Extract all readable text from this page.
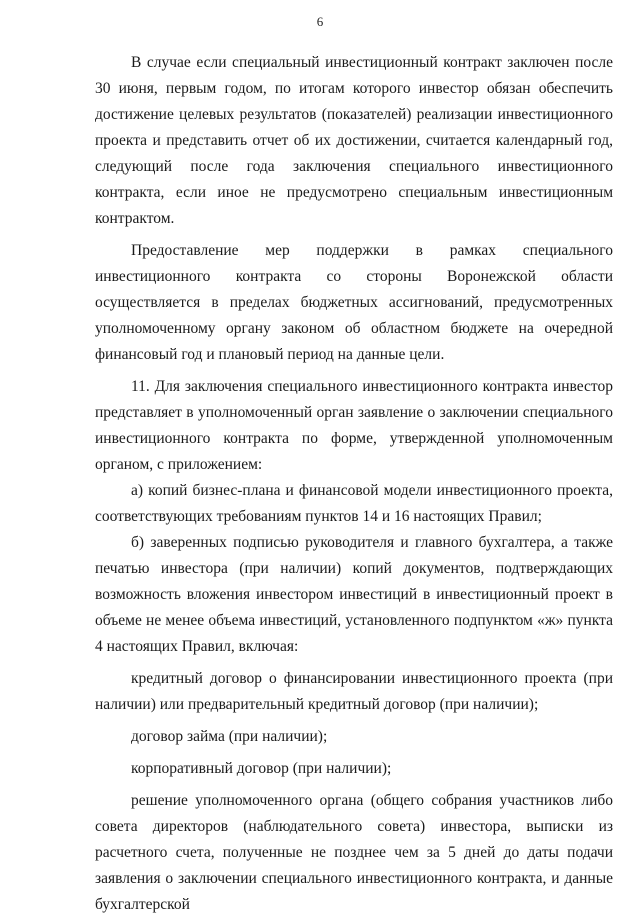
6

В случае если специальный инвестиционный контракт заключен после 30 июня, первым годом, по итогам которого инвестор обязан обеспечить достижение целевых результатов (показателей) реализации инвестиционного проекта и представить отчет об их достижении, считается календарный год, следующий после года заключения специального инвестиционного контракта, если иное не предусмотрено специальным инвестиционным контрактом.

Предоставление мер поддержки в рамках специального инвестиционного контракта со стороны Воронежской области осуществляется в пределах бюджетных ассигнований, предусмотренных уполномоченному органу законом об областном бюджете на очередной финансовый год и плановый период на данные цели.

11. Для заключения специального инвестиционного контракта инвестор представляет в уполномоченный орган заявление о заключении специального инвестиционного контракта по форме, утвержденной уполномоченным органом, с приложением:

а) копий бизнес-плана и финансовой модели инвестиционного проекта, соответствующих требованиям пунктов 14 и 16 настоящих Правил;

б) заверенных подписью руководителя и главного бухгалтера, а также печатью инвестора (при наличии) копий документов, подтверждающих возможность вложения инвестором инвестиций в инвестиционный проект в объеме не менее объема инвестиций, установленного подпунктом «ж» пункта 4 настоящих Правил, включая:

кредитный договор о финансировании инвестиционного проекта (при наличии) или предварительный кредитный договор (при наличии);

договор займа (при наличии);

корпоративный договор (при наличии);

решение уполномоченного органа (общего собрания участников либо совета директоров (наблюдательного совета) инвестора, выписки из расчетного счета, полученные не позднее чем за 5 дней до даты подачи заявления о заключении специального инвестиционного контракта, и данные бухгалтерской
